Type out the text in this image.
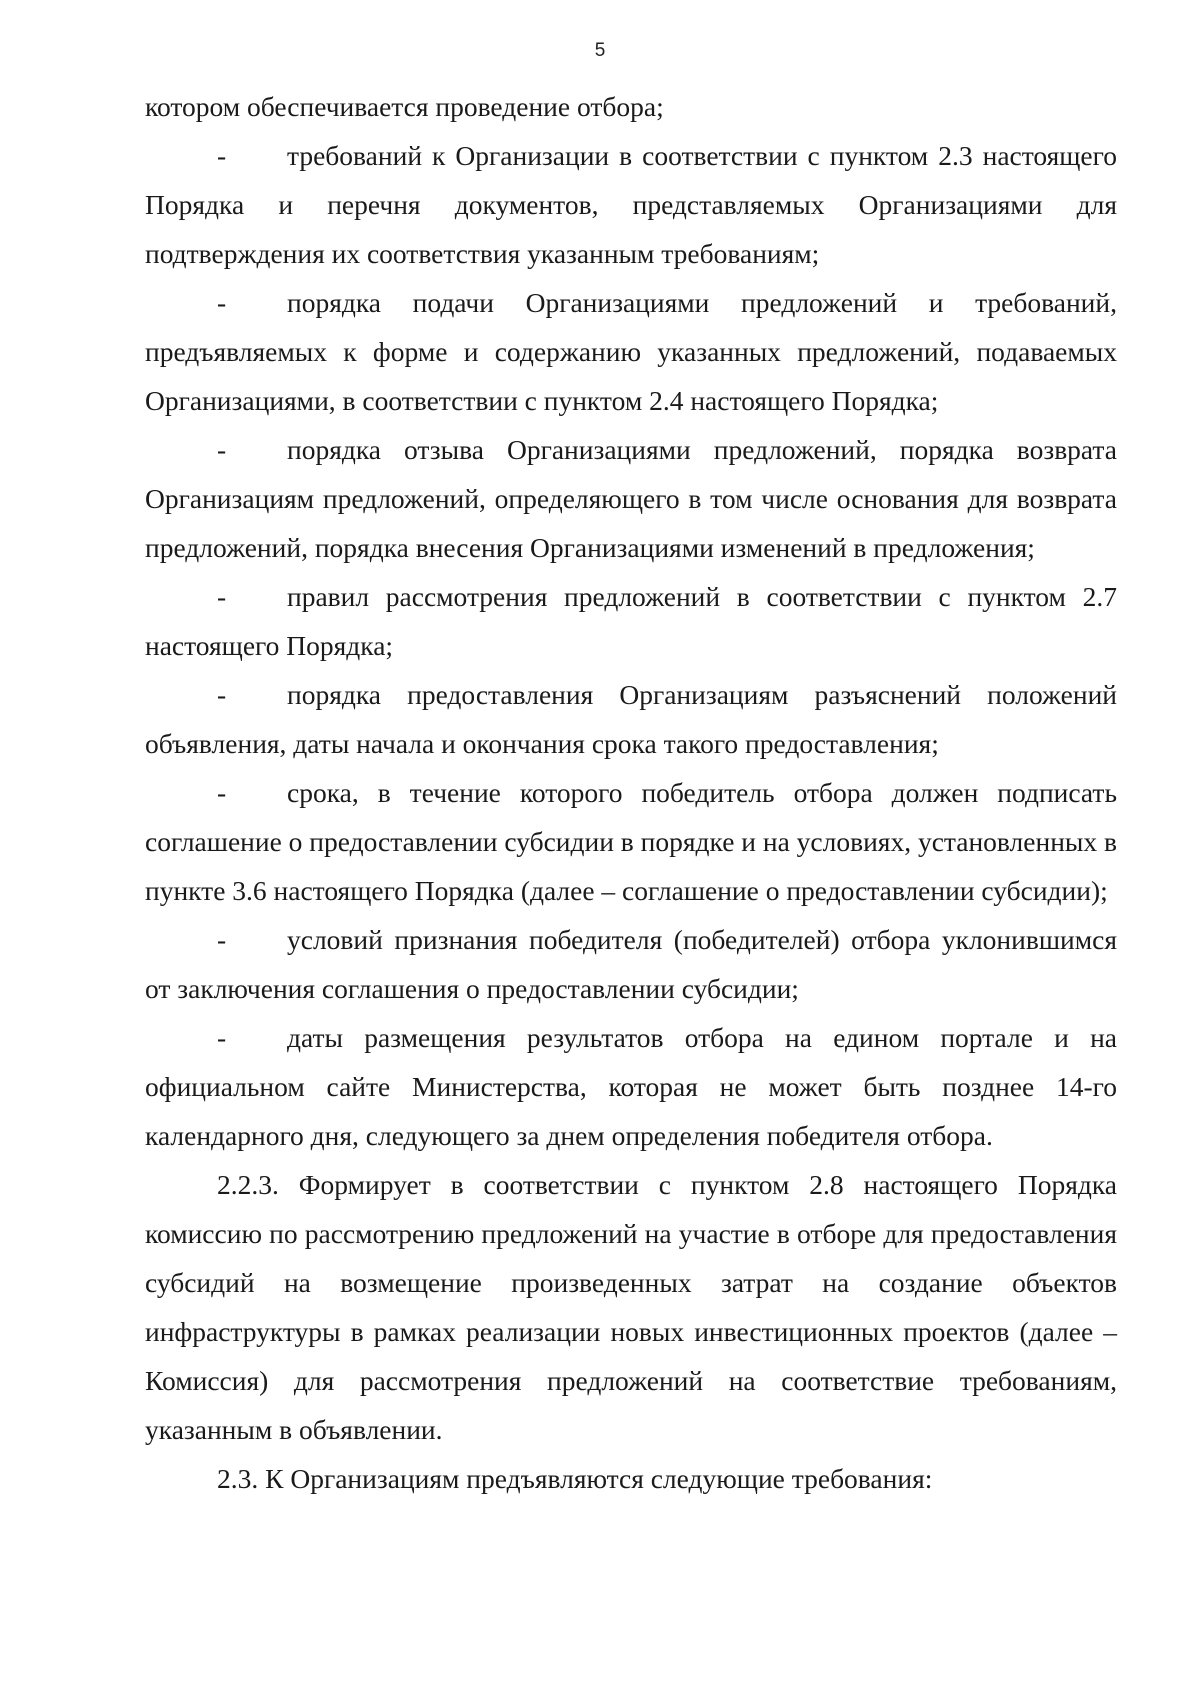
5

котором обеспечивается проведение отбора;

- требований к Организации в соответствии с пунктом 2.3 настоящего Порядка и перечня документов, представляемых Организациями для подтверждения их соответствия указанным требованиям;

- порядка подачи Организациями предложений и требований, предъявляемых к форме и содержанию указанных предложений, подаваемых Организациями, в соответствии с пунктом 2.4 настоящего Порядка;

- порядка отзыва Организациями предложений, порядка возврата Организациям предложений, определяющего в том числе основания для возврата предложений, порядка внесения Организациями изменений в предложения;

- правил рассмотрения предложений в соответствии с пунктом 2.7 настоящего Порядка;

- порядка предоставления Организациям разъяснений положений объявления, даты начала и окончания срока такого предоставления;

- срока, в течение которого победитель отбора должен подписать соглашение о предоставлении субсидии в порядке и на условиях, установленных в пункте 3.6 настоящего Порядка (далее – соглашение о предоставлении субсидии);

- условий признания победителя (победителей) отбора уклонившимся от заключения соглашения о предоставлении субсидии;

- даты размещения результатов отбора на едином портале и на официальном сайте Министерства, которая не может быть позднее 14-го календарного дня, следующего за днем определения победителя отбора.

2.2.3. Формирует в соответствии с пунктом 2.8 настоящего Порядка комиссию по рассмотрению предложений на участие в отборе для предоставления субсидий на возмещение произведенных затрат на создание объектов инфраструктуры в рамках реализации новых инвестиционных проектов (далее – Комиссия) для рассмотрения предложений на соответствие требованиям, указанным в объявлении.

2.3. К Организациям предъявляются следующие требования:
